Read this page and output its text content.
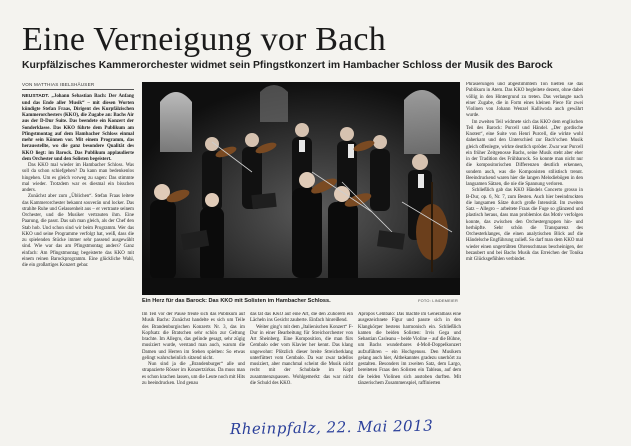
Eine Verneigung vor Bach
Kurpfälzisches Kammerorchester widmet sein Pfingstkonzert im Hambacher Schloss der Musik des Barock
VON MATTHIAS IBELSHÄUSER

NEUSTADT. „Johann Sebastian Bach: Der Anfang und das Ende aller Musik“ – mit diesen Worten kündigte Stefan Fraas, Dirigent des Kurpfälzischen Kammerorchesters (KKO), die Zugabe an: Bachs Air aus der D-Dur Suite. Das beendete ein Konzert der Sonderklasse. Das KKO führte dem Publikum am Pfingstmontag auf dem Hambacher Schloss einmal mehr sein Können vor. Mit einem Programm, das herausstellte, wo die ganz besondere Qualität des KKO liegt: im Barock. Das Publikum applaudierte dem Orchester und den Solisten begeistert.

Das KKO mal wieder im Hambacher Schloss. Was soll da schon schiefgehen? Da kann man bedenkenlos hingehen. Um es gleich vorweg zu sagen: Das stimmte mal wieder. Trotzdem war es diesmal ein bisschen anders.

Zunächst aber zum „Üblichen“. Stefan Fraas leitete das Kammerorchester bekannt souverän und locker. Das strahlte Ruhe und Gelassenheit aus – er vertraute seinem Orchester, und die Musiker vertrauten ihm. Eine Paarung, die passt. Das sah man gleich, als der Chef den Stab hob. Und schon sind wir beim Programm. Wer das KKO und seine Programme verfolgt hat, weiß, dass die zu spielenden Stücke immer sehr passend ausgewählt sind. Wie war das am Pfingstmontag anders? Ganz einfach: Am Pfingstmontag begeisterte das KKO mit einem reinen Barockprogramm. Eine glückliche Wahl, die ein großartiges Konzert gebar.

Ein Herz für das Barock: Das KKO mit Solisten im Hambacher Schloss.	FOTO: LINDEMEIER

Im Teil vor der Pause freute sich das Publikum auf Musik Bachs: Zunächst handelte es sich um Teile des Brandenburgischen Konzerts Nr. 3, das im Kopfsatz die Bratschen sehr schön zur Geltung brachte. Im Allegro, das gelinde gesagt, sehr zügig musiziert wurde, verstand man auch, warum die Damen und Herren im Stehen spielten: So etwas gelingt wahrscheinlich sitzend nicht.

Nun sind ja die „Brandenburger“ alle und strapazierte Rösser im Konzertzirkus. Da muss man es schon krachen lassen, um die Leute noch mit Hits zu beeindrucken. Und genau

das tat das KKO auf eine Art, die den Zuhörern ein Lächeln ins Gesicht zauberte. Einfach hinreißend.

Weiter ging’s mit dem „Italienischen Konzert“ F-Dur in einer Bearbeitung für Streichorchester von Art Sheinberg. Eine Komposition, die man fürs Cembalo oder vom Klavier her kennt. Das klang ungewohnt: Plötzlich dieser breite Streicherklang unterfüttert vom Cembalo. Da war zwar tadellos musiziert, aber manchmal scheint die Musik nicht recht mit der Schublade im Kopf zusammenzupassen. Wohlgemerkt: das war nicht die Schuld des KKO.

Apropos Cembalo: Das machte im Generalbass eine ausgezeichnete Figur und passte sich in den Klangkörper bestens harmonisch ein. Schließlich kamen die beiden Solisten: Irvis Gega und Sebastian Casleanu – beide Violine – auf die Bühne, um Bachs wunderbares d-Moll-Doppelkonzert aufzuführen – ein Hochgenuss. Den Musikern gelang auch hier, Altbekanntes gradezu unerhört zu gestalten. Besonders im zweiten Satz, dem Largo, bereiteten Fraas den Solisten ein Tableau, auf dem die beiden Violinen sich austoben durften. Mit tänzerischem Zusammenspiel, raffinierten

Phrasierungen und abgestimmtem Ton hielten sie das Publikum in Atem. Das KKO begleitete dezent, ohne dabei völlig in den Hintergrund zu treten. Das verlangte nach einer Zugabe, die in Form eines kleinen Piece für zwei Violinen von Johann Wenzel Kalliwoda auch gewährt wurde.

Im zweiten Teil widmete sich das KKO dem englischen Teil des Barock: Purcell und Händel. „Der gordische Knoten“, eine Suite von Henri Purcell, die wirkte wohl daherkam und den Unterschied zur Bach’schen Musik gleich offenlegte, wirkte deutlich spröder. Zwar war Purcell ein früher Zeitgenosse Bachs, seine Musik steht aber eher in der Tradition des Frühbarock. So konnte man nicht nur die kompositorischen Differenzen deutlich erkennen, sondern auch, was die Komponisten stilistisch trennt. Beeindruckend waren hier die langen Melodiebögen in den langsamen Sätzen, die nie die Spannung verloren.

Schließlich gab das KKO Händels Concerto grosso in B-Dur, op. 6, Nr. 7, zum Besten. Auch hier beeindruckten die langsamen Sätze durch große Intensität. Im zweiten Satz – Allegro – arbeitete Fraas die Fuge so glänzend und plastisch heraus, dass man problemlos das Motiv verfolgen konnte, das zwischen den Orchestergruppen hin- und herhüpfte. Sehr schön die Transparenz des Orchesterklanges, die einen analytischen Blick auf die Händelsche Engführung zuließ. So darf man dem KKO mal wieder einen ungetrübten Ohrenschmaus bescheinigen, der bezaubert und bei Bachs Musik das Erreichen der Tonika mit Glücksgefühlen verbindet.

Rheinpfalz, 22. Mai 2013
